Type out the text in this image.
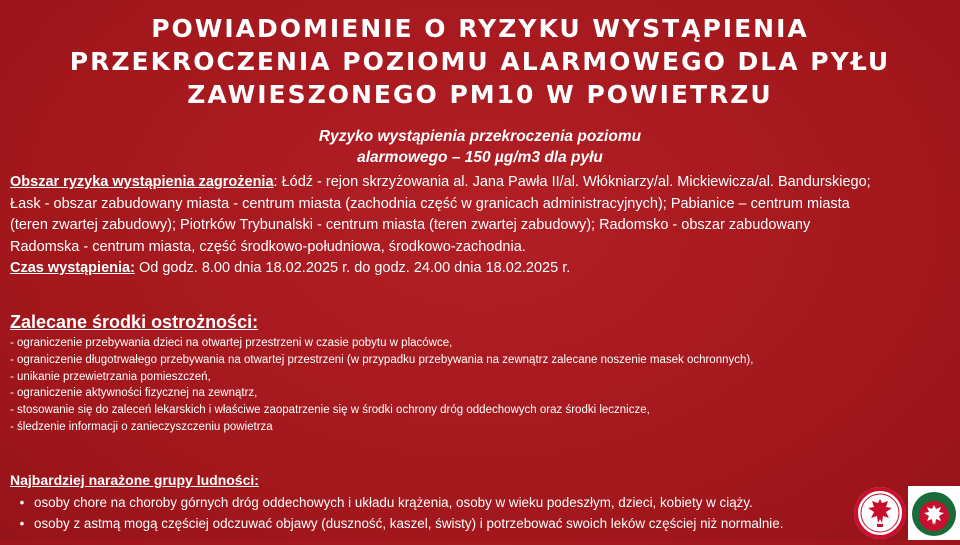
POWIADOMIENIE O RYZYKU WYSTĄPIENIA
PRZEKROCZENIA POZIOMU ALARMOWEGO DLA PYŁU
ZAWIESZONEGO PM10 W POWIETRZU
Ryzyko wystąpienia przekroczenia poziomu
alarmowego – 150 µg/m3 dla pyłu
Obszar ryzyka wystąpienia zagrożenia: Łódź - rejon skrzyżowania al. Jana Pawła II/al. Włókniarzy/al. Mickiewicza/al. Bandurskiego;
Łask - obszar zabudowany miasta - centrum miasta (zachodnia część w granicach administracyjnych); Pabianice – centrum miasta
(teren zwartej zabudowy); Piotrków Trybunalski - centrum miasta (teren zwartej zabudowy); Radomsko - obszar zabudowany
Radomska - centrum miasta, część środkowo-południowa, środkowo-zachodnia.
Czas wystąpienia: Od godz. 8.00 dnia 18.02.2025 r. do godz. 24.00 dnia 18.02.2025 r.
Zalecane środki ostrożności:
- ograniczenie przebywania dzieci na otwartej przestrzeni w czasie pobytu w placówce,
- ograniczenie długotrwałego przebywania na otwartej przestrzeni (w przypadku przebywania na zewnątrz zalecane noszenie masek ochronnych),
- unikanie przewietrzania pomieszczeń,
- ograniczenie aktywności fizycznej na zewnątrz,
- stosowanie się do zaleceń lekarskich i właściwe zaopatrzenie się w środki ochrony dróg oddechowych oraz środki lecznicze,
- śledzenie informacji o zanieczyszczeniu powietrza
Najbardziej narażone grupy ludności:
• osoby chore na choroby górnych dróg oddechowych i układu krążenia, osoby w wieku podeszłym, dzieci, kobiety w ciąży.
• osoby z astmą mogą częściej odczuwać objawy (duszność, kaszel, świsty) i potrzebować swoich leków częściej niż normalnie.
